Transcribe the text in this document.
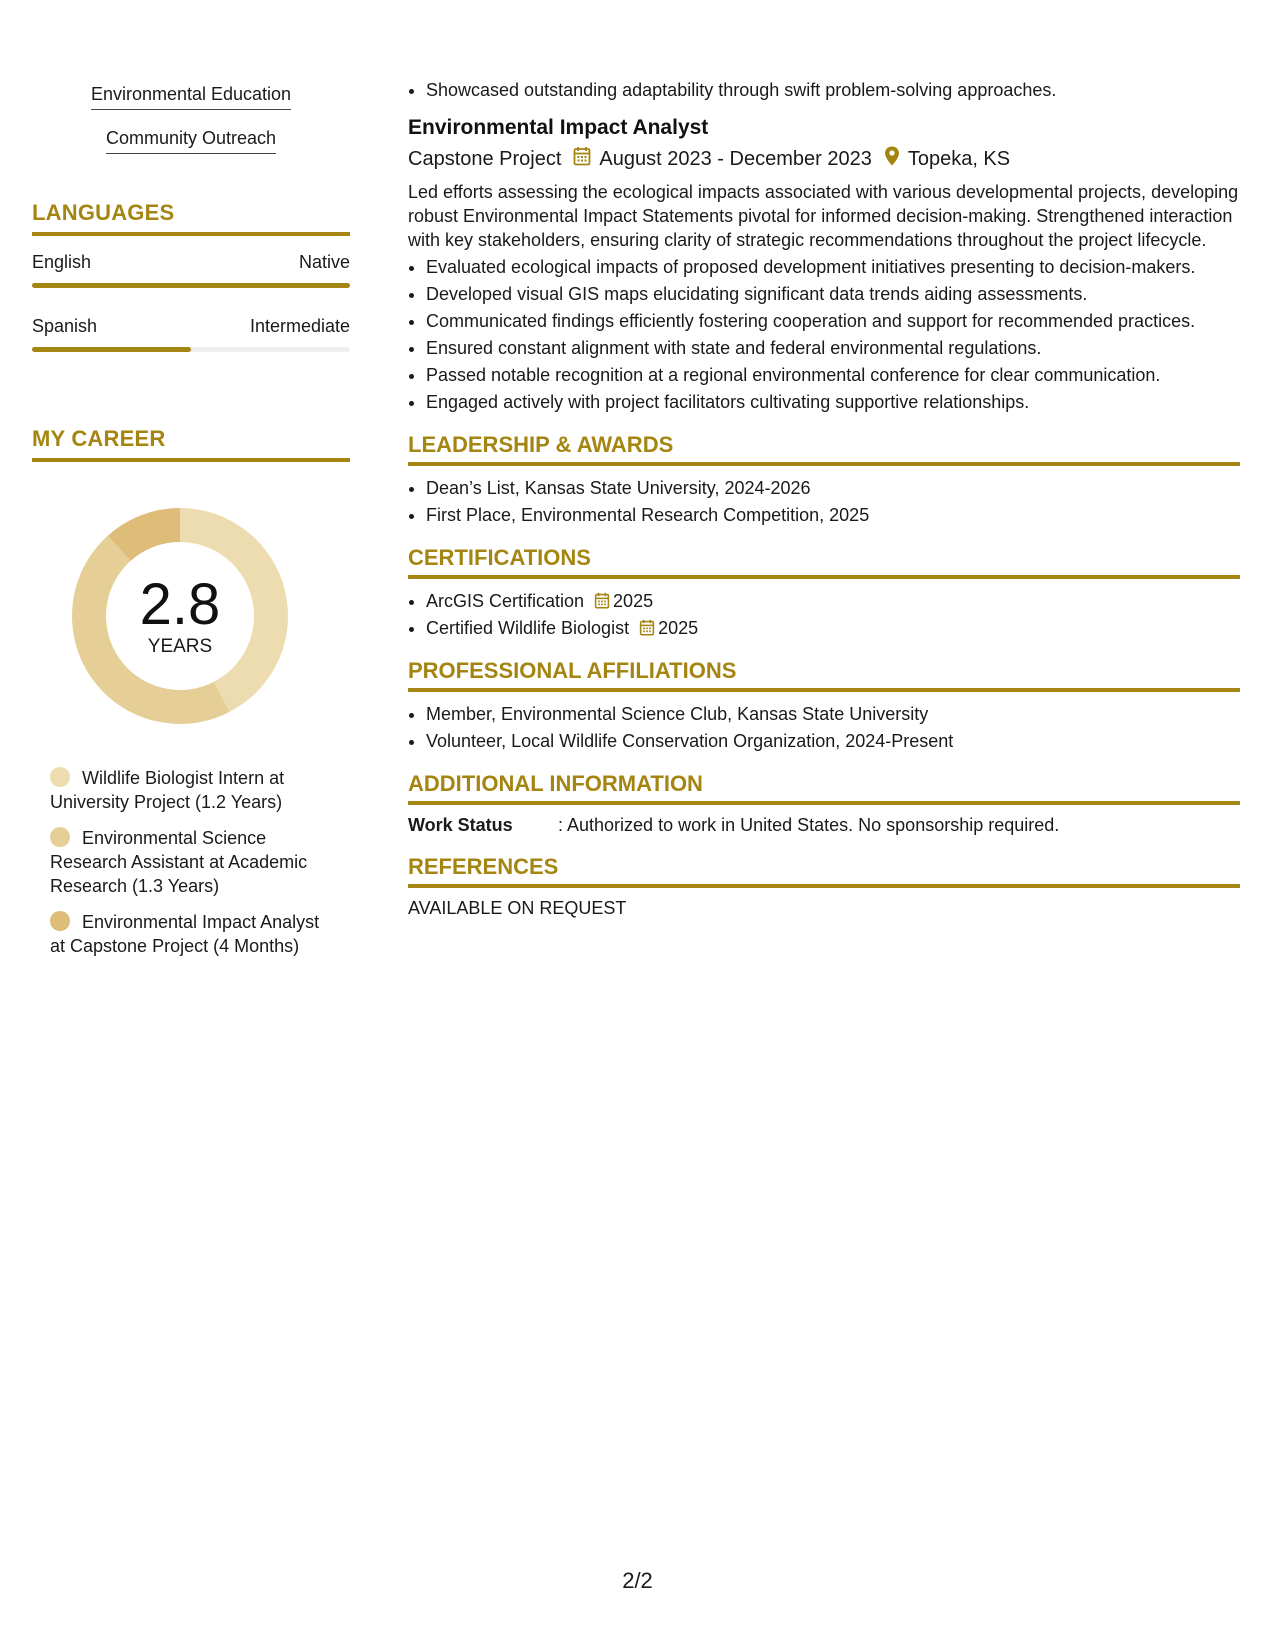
Environmental Education
Community Outreach
LANGUAGES
English	Native
Spanish	Intermediate
MY CAREER
2.8
YEARS
Wildlife Biologist Intern at University Project (1.2 Years)
Environmental Science Research Assistant at Academic Research (1.3 Years)
Environmental Impact Analyst at Capstone Project (4 Months)
• Showcased outstanding adaptability through swift problem-solving approaches.
Environmental Impact Analyst
Capstone Project August 2023 - December 2023 Topeka, KS

Led efforts assessing the ecological impacts associated with various developmental projects, developing robust Environmental Impact Statements pivotal for informed decision-making. Strengthened interaction with key stakeholders, ensuring clarity of strategic recommendations throughout the project lifecycle.

• Evaluated ecological impacts of proposed development initiatives presenting to decision-makers.
• Developed visual GIS maps elucidating significant data trends aiding assessments.
• Communicated findings efficiently fostering cooperation and support for recommended practices.
• Ensured constant alignment with state and federal environmental regulations.
• Passed notable recognition at a regional environmental conference for clear communication.
• Engaged actively with project facilitators cultivating supportive relationships.
LEADERSHIP & AWARDS
• Dean’s List, Kansas State University, 2024-2026
• First Place, Environmental Research Competition, 2025
CERTIFICATIONS
• ArcGIS Certification 2025
• Certified Wildlife Biologist 2025
PROFESSIONAL AFFILIATIONS
• Member, Environmental Science Club, Kansas State University
• Volunteer, Local Wildlife Conservation Organization, 2024-Present
ADDITIONAL INFORMATION
Work Status	: Authorized to work in United States. No sponsorship required.
REFERENCES
AVAILABLE ON REQUEST
2/2
